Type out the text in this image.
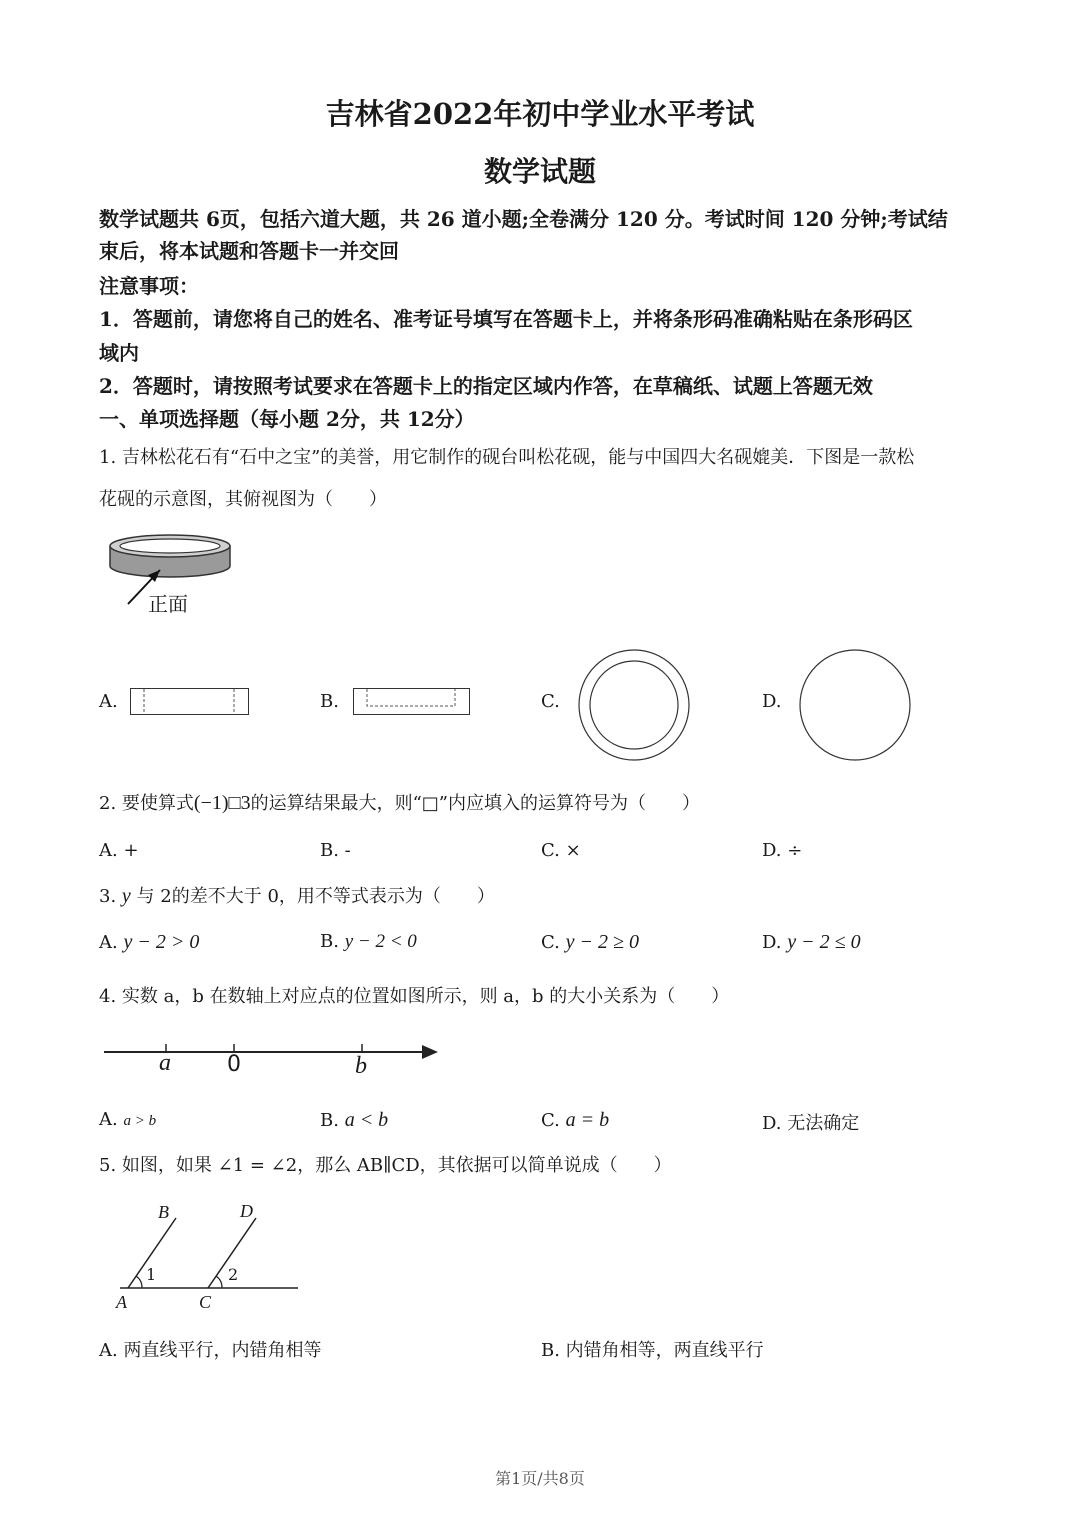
吉林省2022年初中学业水平考试
数学试题
数学试题共 6页，包括六道大题，共 26 道小题;全卷满分 120 分。考试时间 120 分钟;考试结
束后，将本试题和答题卡一并交回
注意事项：
1．答题前，请您将自己的姓名、准考证号填写在答题卡上，并将条形码准确粘贴在条形码区
域内
2．答题时，请按照考试要求在答题卡上的指定区域内作答，在草稿纸、试题上答题无效
一、单项选择题（每小题 2分，共 12分）
1. 吉林松花石有“石中之宝”的美誉，用它制作的砚台叫松花砚，能与中国四大名砚媲美．下图是一款松
花砚的示意图，其俯视图为（　　）
正面
A.	B.	C.	D.
2. 要使算式(−1)□3的运算结果最大，则“□”内应填入的运算符号为（　　）
A. +	B. -	C. ×	D. ÷
3. y 与 2的差不大于 0，用不等式表示为（　　）
A. y − 2 > 0	B. y − 2 < 0	C. y − 2 ≥ 0	D. y − 2 ≤ 0
4. 实数 a，b 在数轴上对应点的位置如图所示，则 a，b 的大小关系为（　　）
a	0	b
A. a > b	B. a < b	C. a = b	D. 无法确定
5. 如图，如果 ∠1 = ∠2，那么 AB∥CD，其依据可以简单说成（　　）
B	D
1	2
A	C
A. 两直线平行，内错角相等	B. 内错角相等，两直线平行
第1页/共8页
